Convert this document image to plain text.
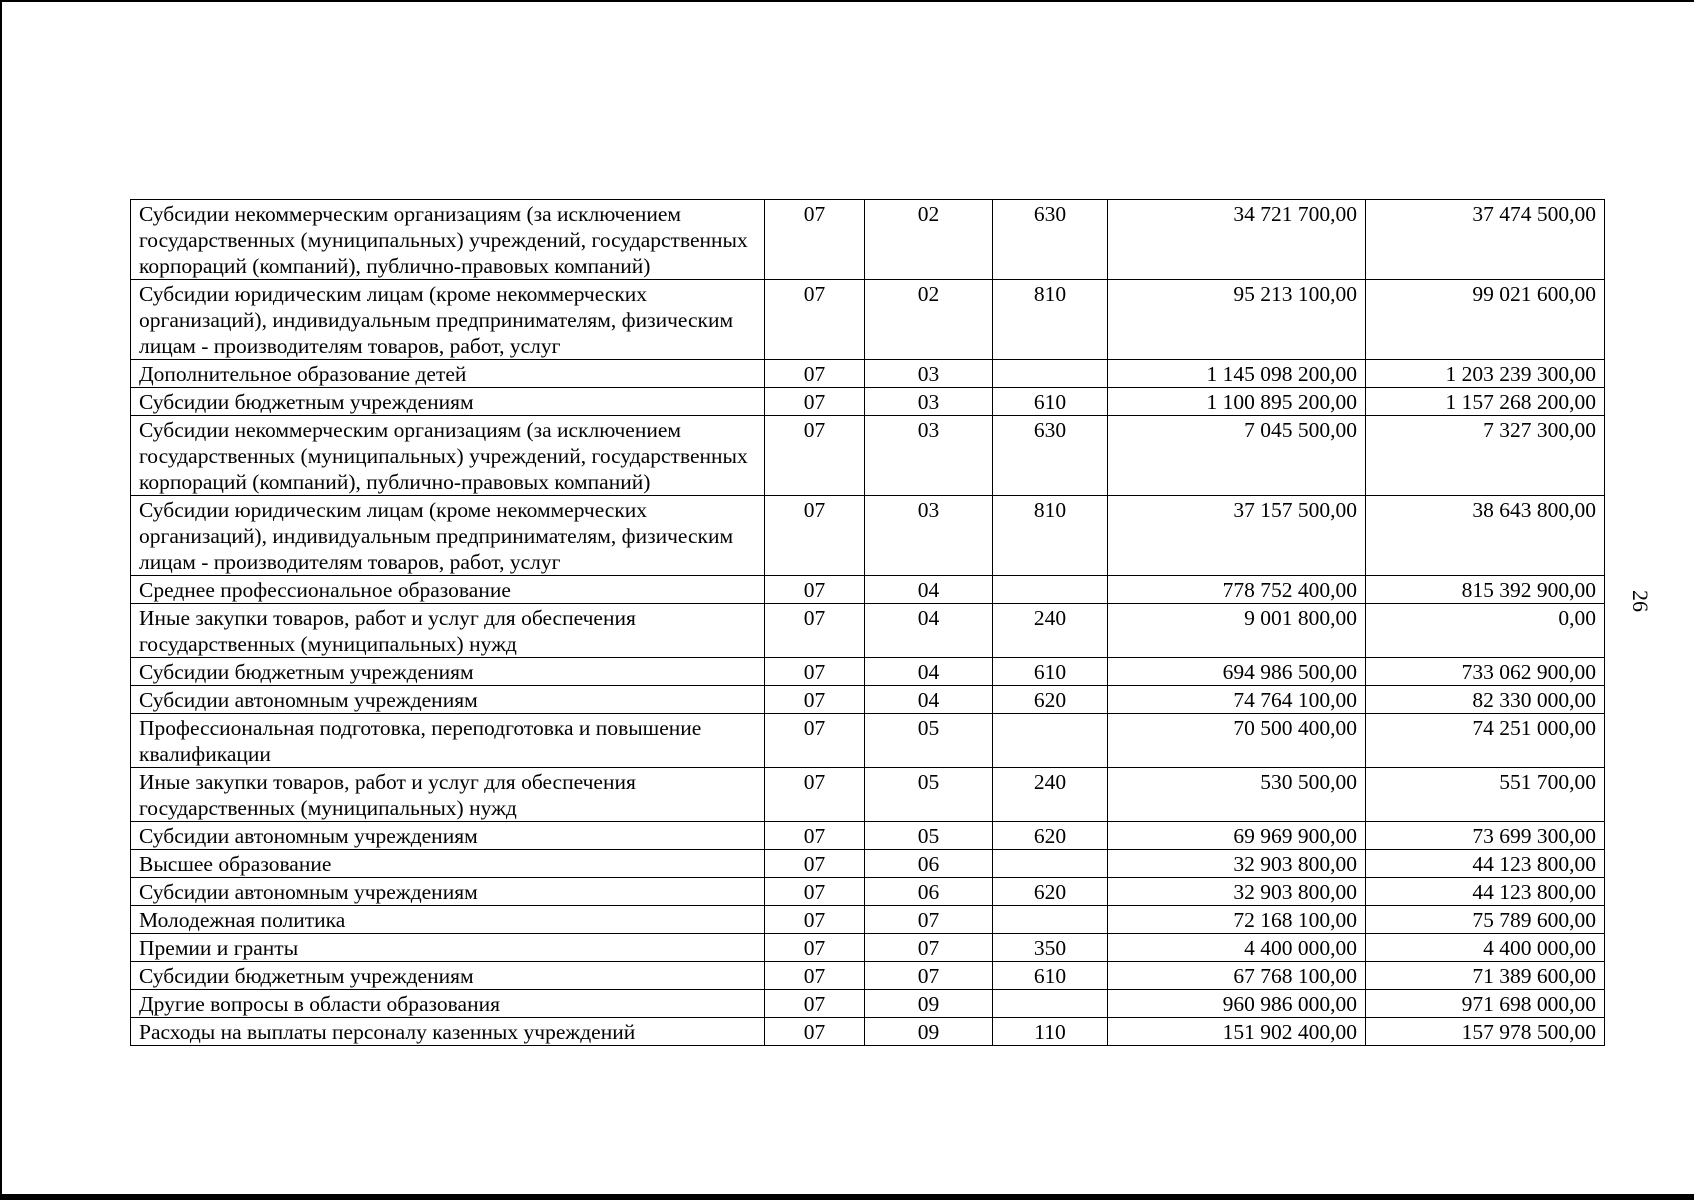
26
Субсидии некоммерческим организациям (за исключением государственных (муниципальных) учреждений, государственных корпораций (компаний), публично-правовых компаний)	07	02	630	34 721 700,00	37 474 500,00
Субсидии юридическим лицам (кроме некоммерческих организаций), индивидуальным предпринимателям, физическим лицам - производителям товаров, работ, услуг	07	02	810	95 213 100,00	99 021 600,00
Дополнительное образование детей	07	03		1 145 098 200,00	1 203 239 300,00
Субсидии бюджетным учреждениям	07	03	610	1 100 895 200,00	1 157 268 200,00
Субсидии некоммерческим организациям (за исключением государственных (муниципальных) учреждений, государственных корпораций (компаний), публично-правовых компаний)	07	03	630	7 045 500,00	7 327 300,00
Субсидии юридическим лицам (кроме некоммерческих организаций), индивидуальным предпринимателям, физическим лицам - производителям товаров, работ, услуг	07	03	810	37 157 500,00	38 643 800,00
Среднее профессиональное образование	07	04		778 752 400,00	815 392 900,00
Иные закупки товаров, работ и услуг для обеспечения государственных (муниципальных) нужд	07	04	240	9 001 800,00	0,00
Субсидии бюджетным учреждениям	07	04	610	694 986 500,00	733 062 900,00
Субсидии автономным учреждениям	07	04	620	74 764 100,00	82 330 000,00
Профессиональная подготовка, переподготовка и повышение квалификации	07	05		70 500 400,00	74 251 000,00
Иные закупки товаров, работ и услуг для обеспечения государственных (муниципальных) нужд	07	05	240	530 500,00	551 700,00
Субсидии автономным учреждениям	07	05	620	69 969 900,00	73 699 300,00
Высшее образование	07	06		32 903 800,00	44 123 800,00
Субсидии автономным учреждениям	07	06	620	32 903 800,00	44 123 800,00
Молодежная политика	07	07		72 168 100,00	75 789 600,00
Премии и гранты	07	07	350	4 400 000,00	4 400 000,00
Субсидии бюджетным учреждениям	07	07	610	67 768 100,00	71 389 600,00
Другие вопросы в области образования	07	09		960 986 000,00	971 698 000,00
Расходы на выплаты персоналу казенных учреждений	07	09	110	151 902 400,00	157 978 500,00
